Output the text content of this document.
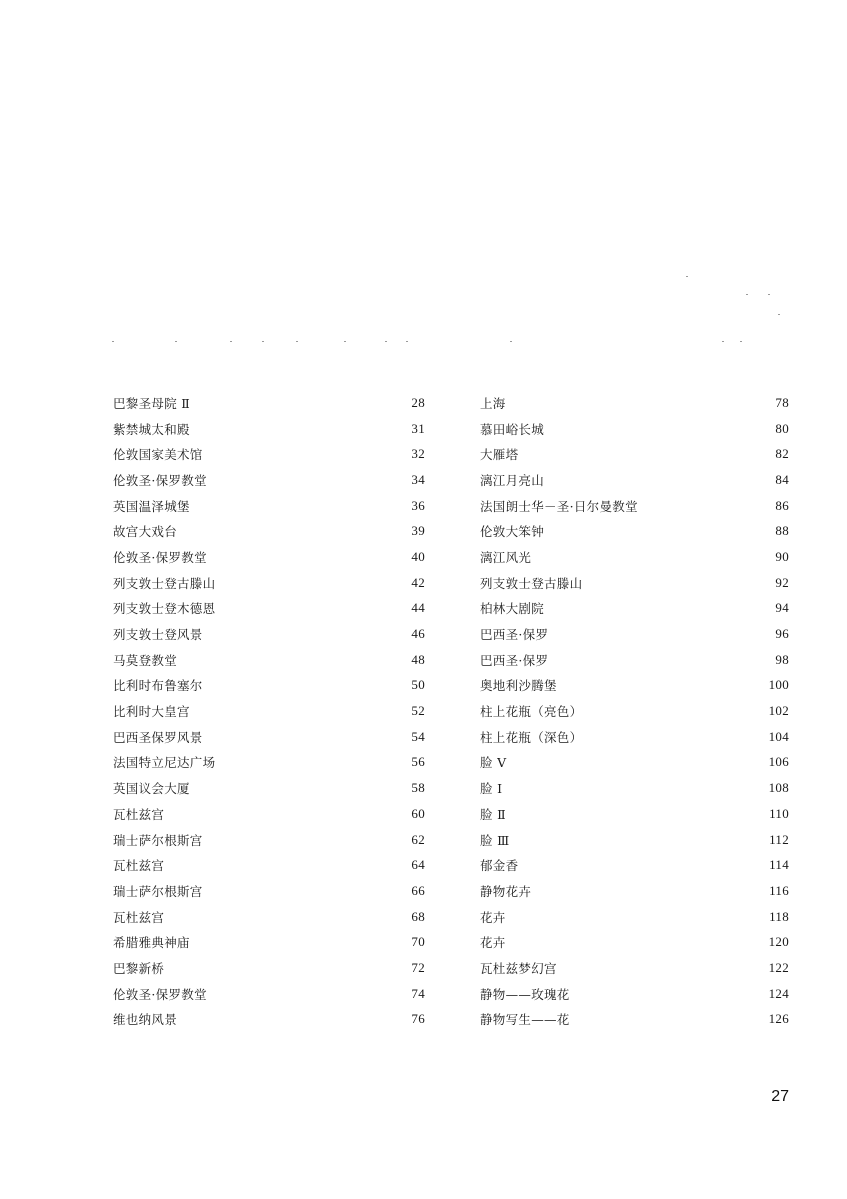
巴黎圣母院 Ⅱ	28
紫禁城太和殿	31
伦敦国家美术馆	32
伦敦圣·保罗教堂	34
英国温泽城堡	36
故宫大戏台	39
伦敦圣·保罗教堂	40
列支敦士登古滕山	42
列支敦士登木德恩	44
列支敦士登风景	46
马莫登教堂	48
比利时布鲁塞尔	50
比利时大皇宫	52
巴西圣保罗风景	54
法国特立尼达广场	56
英国议会大厦	58
瓦杜兹宫	60
瑞士萨尔根斯宫	62
瓦杜兹宫	64
瑞士萨尔根斯宫	66
瓦杜兹宫	68
希腊雅典神庙	70
巴黎新桥	72
伦敦圣·保罗教堂	74
维也纳风景	76
上海	78
慕田峪长城	80
大雁塔	82
漓江月亮山	84
法国朗士华－圣·日尔曼教堂	86
伦敦大笨钟	88
漓江风光	90
列支敦士登古滕山	92
柏林大剧院	94
巴西圣·保罗	96
巴西圣·保罗	98
奥地利沙腾堡	100
柱上花瓶（亮色）	102
柱上花瓶（深色）	104
脸 Ⅴ	106
脸 Ⅰ	108
脸 Ⅱ	110
脸 Ⅲ	112
郁金香	114
静物花卉	116
花卉	118
花卉	120
瓦杜兹梦幻宫	122
静物——玫瑰花	124
静物写生——花	126
27
